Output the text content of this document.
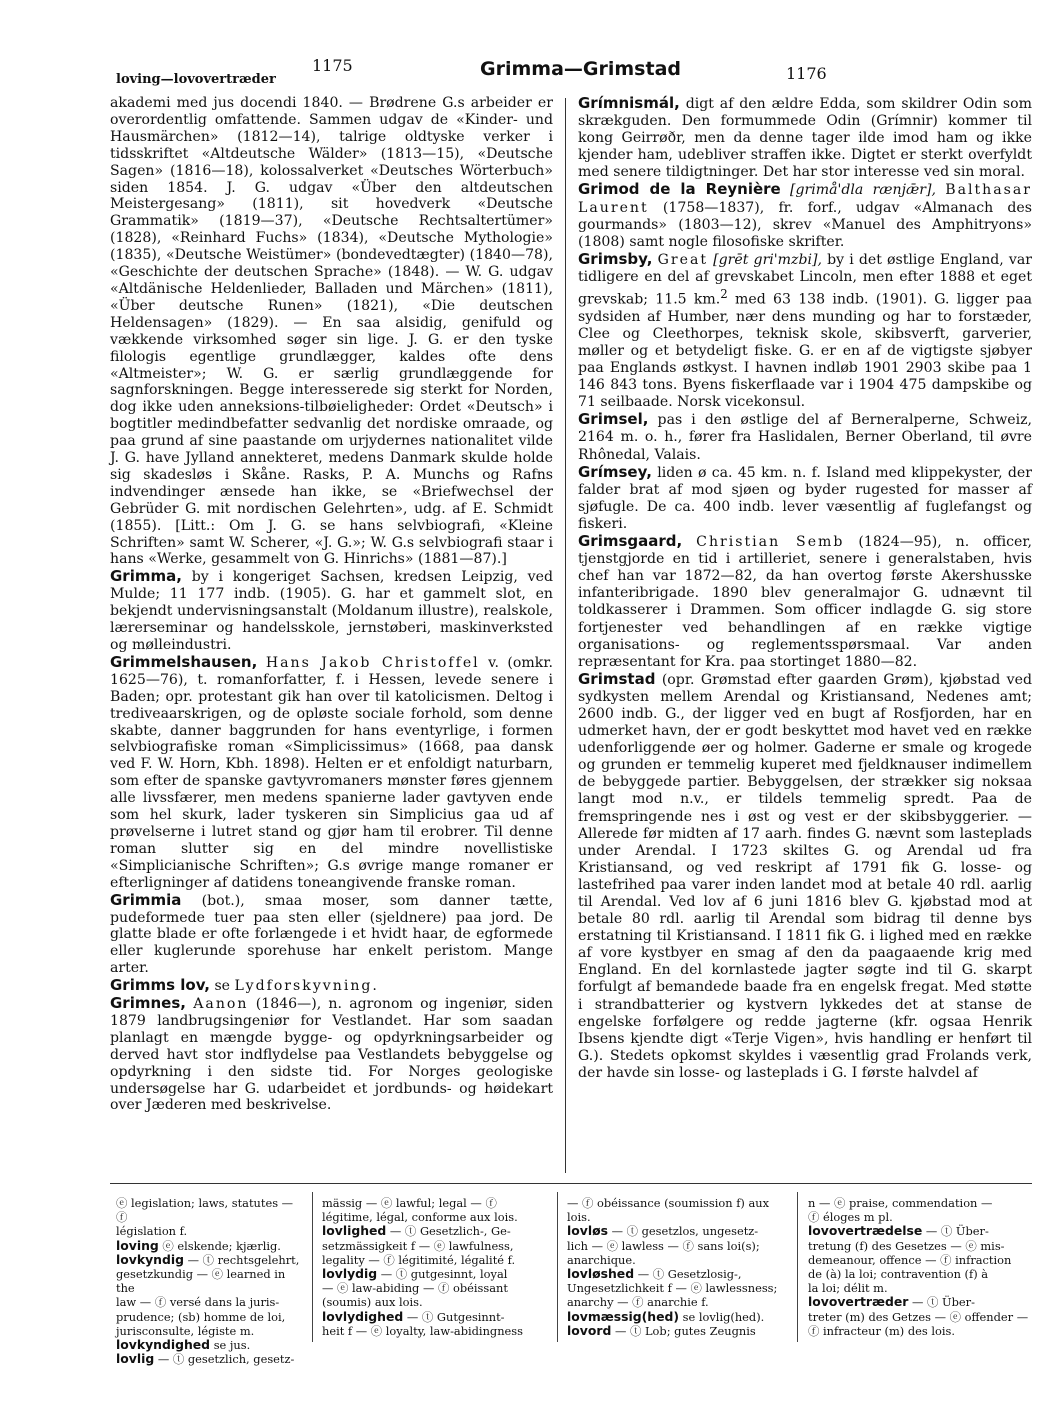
loving—lovovertræder
1175	Grimma—Grimstad	1176

akademi med jus docendi 1840. — Brødrene G.s arbeider er overordentlig omfattende. Sammen udgav de «Kinder- und Hausmärchen» (1812—14), talrige oldtyske verker i tidsskriftet «Altdeutsche Wälder» (1813—15), «Deutsche Sagen» (1816—18), kolossalverket «Deutsches Wörterbuch» siden 1854. J. G. udgav «Über den altdeutschen Meistergesang» (1811), sit hovedverk «Deutsche Grammatik» (1819—37), «Deutsche Rechtsaltertümer» (1828), «Reinhard Fuchs» (1834), «Deutsche Mythologie» (1835), «Deutsche Weistümer» (bondevedtægter) (1840—78), «Geschichte der deutschen Sprache» (1848). — W. G. udgav «Altdänische Heldenlieder, Balladen und Märchen» (1811), «Über deutsche Runen» (1821), «Die deutschen Heldensagen» (1829). — En saa alsidig, genifuld og vækkende virksomhed søger sin lige. J. G. er den tyske filologis egentlige grundlægger, kaldes ofte dens «Altmeister»; W. G. er særlig grundlæggende for sagnforskningen. Begge interesserede sig sterkt for Norden, dog ikke uden anneksions-tilbøieligheder: Ordet «Deutsch» i bogtitler medindbefatter sedvanlig det nordiske omraade, og paa grund af sine paastande om urjydernes nationalitet vilde J. G. have Jylland annekteret, medens Danmark skulde holde sig skadesløs i Skåne. Rasks, P. A. Munchs og Rafns indvendinger ænsede han ikke, se «Briefwechsel der Gebrüder G. mit nordischen Gelehrten», udg. af E. Schmidt (1855). [Litt.: Om J. G. se hans selvbiografi, «Kleine Schriften» samt W. Scherer, «J. G.»; W. G.s selvbiografi staar i hans «Werke, gesammelt von G. Hinrichs» (1881—87).]

Grimma, by i kongeriget Sachsen, kredsen Leipzig, ved Mulde; 11 177 indb. (1905). G. har et gammelt slot, en bekjendt undervisningsanstalt (Moldanum illustre), realskole, lærerseminar og handelsskole, jernstøberi, maskinverksted og mølleindustri.

Grimmelshausen, Hans Jakob Christoffel v. (omkr. 1625—76), t. romanforfatter, f. i Hessen, levede senere i Baden; opr. protestant gik han over til katolicismen. Deltog i trediveaarskrigen, og de opløste sociale forhold, som denne skabte, danner baggrunden for hans eventyrlige, i formen selvbiografiske roman «Simplicissimus» (1668, paa dansk ved F. W. Horn, Kbh. 1898). Helten er et enfoldigt naturbarn, som efter de spanske gavtyvromaners mønster føres gjennem alle livssfærer, men medens spanierne lader gavtyven ende som hel skurk, lader tyskeren sin Simplicius gaa ud af prøvelserne i lutret stand og gjør ham til erobrer. Til denne roman slutter sig en del mindre novellistiske «Simplicianische Schriften»; G.s øvrige mange romaner er efterligninger af datidens toneangivende franske roman.

Grimmia (bot.), smaa moser, som danner tætte, pudeformede tuer paa sten eller (sjeldnere) paa jord. De glatte blade er ofte forlængede i et hvidt haar, de egformede eller kuglerunde sporehuse har enkelt peristom. Mange arter.

Grimms lov, se Lydforskyvning.

Grimnes, Aanon (1846—), n. agronom og ingeniør, siden 1879 landbrugsingeniør for Vestlandet. Har som saadan planlagt en mængde bygge- og opdyrkningsarbeider og derved havt stor indflydelse paa Vestlandets bebyggelse og opdyrkning i den sidste tid. For Norges geologiske undersøgelse har G. udarbeidet et jordbunds- og høidekart over Jæderen med beskrivelse.

Grímnismál, digt af den ældre Edda, som skildrer Odin som skrækguden. Den formummede Odin (Grímnir) kommer til kong Geirrøðr, men da denne tager ilde imod ham og ikke kjender ham, udebliver straffen ikke. Digtet er sterkt overfyldt med senere tildigtninger. Det har stor interesse ved sin moral.

Grimod de la Reynière [grimå'dla rænjǣr], Balthasar Laurent (1758—1837), fr. forf., udgav «Almanach des gourmands» (1803—12), skrev «Manuel des Amphitryons» (1808) samt nogle filosofiske skrifter.

Grimsby, Great [grēt gri'mzbi], by i det østlige England, var tidligere en del af grevskabet Lincoln, men efter 1888 et eget grevskab; 11.5 km.$^2$ med 63 138 indb. (1901). G. ligger paa sydsiden af Humber, nær dens munding og har to forstæder, Clee og Cleethorpes, teknisk skole, skibsverft, garverier, møller og et betydeligt fiske. G. er en af de vigtigste sjøbyer paa Englands østkyst. I havnen indløb 1901 2903 skibe paa 1 146 843 tons. Byens fiskerflaade var i 1904 475 dampskibe og 71 seilbaade. Norsk vicekonsul.

Grimsel, pas i den østlige del af Berneralperne, Schweiz, 2164 m. o. h., fører fra Haslidalen, Berner Oberland, til øvre Rhônedal, Valais.

Grímsey, liden ø ca. 45 km. n. f. Island med klippekyster, der falder brat af mod sjøen og byder rugested for masser af sjøfugle. De ca. 400 indb. lever væsentlig af fuglefangst og fiskeri.

Grimsgaard, Christian Semb (1824—95), n. officer, tjenstgjorde en tid i artilleriet, senere i generalstaben, hvis chef han var 1872—82, da han overtog første Akershusske infanteribrigade. 1890 blev generalmajor G. udnævnt til toldkasserer i Drammen. Som officer indlagde G. sig store fortjenester ved behandlingen af en række vigtige organisations- og reglementsspørsmaal. Var anden repræsentant for Kra. paa stortinget 1880—82.

Grimstad (opr. Grømstad efter gaarden Grøm), kjøbstad ved sydkysten mellem Arendal og Kristiansand, Nedenes amt; 2600 indb. G., der ligger ved en bugt af Rosfjorden, har en udmerket havn, der er godt beskyttet mod havet ved en række udenforliggende øer og holmer. Gaderne er smale og krogede og grunden er temmelig kuperet med fjeldknauser indimellem de bebyggede partier. Bebyggelsen, der strækker sig noksaa langt mod n.v., er tildels temmelig spredt. Paa de fremspringende nes i øst og vest er der skibsbyggerier. — Allerede før midten af 17 aarh. findes G. nævnt som lasteplads under Arendal. I 1723 skiltes G. og Arendal ud fra Kristiansand, og ved reskript af 1791 fik G. losse- og lastefrihed paa varer inden landet mod at betale 40 rdl. aarlig til Arendal. Ved lov af 6 juni 1816 blev G. kjøbstad mod at betale 80 rdl. aarlig til Arendal som bidrag til denne bys erstatning til Kristiansand. I 1811 fik G. i lighed med en række af vore kystbyer en smag af den da paagaaende krig med England. En del kornlastede jagter søgte ind til G. skarpt forfulgt af bemandede baade fra en engelsk fregat. Med støtte i strandbatterier og kystvern lykkedes det at stanse de engelske forfølgere og redde jagterne (kfr. ogsaa Henrik Ibsens kjendte digt «Terje Vigen», hvis handling er henført til G.). Stedets opkomst skyldes i væsentlig grad Frolands verk, der havde sin losse- og lasteplads i G. I første halvdel af

ⓔ legislation; laws, statutes — ⓕ
législation f.
loving ⓔ elskende; kjærlig.
lovkyndig — ⓣ rechtsgelehrt,
gesetzkundig — ⓔ learned in the
law — ⓕ versé dans la juris-
prudence; (sb) homme de loi,
jurisconsulte, légiste m.
lovkyndighed se jus.
lovlig — ⓣ gesetzlich, gesetz-
mässig — ⓔ lawful; legal — ⓕ
légitime, légal, conforme aux lois.
lovlighed — ⓣ Gesetzlich-, Ge-
setzmässigkeit f — ⓔ lawfulness,
legality — ⓕ légitimité, légalité f.
lovlydig — ⓣ gutgesinnt, loyal
— ⓔ law-abiding — ⓕ obéissant
(soumis) aux lois.
lovlydighed — ⓣ Gutgesinnt-
heit f — ⓔ loyalty, law-abidingness
— ⓕ obéissance (soumission f) aux
lois.
lovløs — ⓣ gesetzlos, ungesetz-
lich — ⓔ lawless — ⓕ sans loi(s);
anarchique.
lovløshed — ⓣ Gesetzlosig-,
Ungesetzlichkeit f — ⓔ lawlessness;
anarchy — ⓕ anarchie f.
lovmæssig(hed) se lovlig(hed).
lovord — ⓣ Lob; gutes Zeugnis
n — ⓔ praise, commendation —
ⓕ éloges m pl.
lovovertrædelse — ⓣ Über-
tretung (f) des Gesetzes — ⓔ mis-
demeanour, offence — ⓕ infraction
de (à) la loi; contravention (f) à
la loi; délit m.
lovovertræder — ⓣ Über-
treter (m) des Getzes — ⓔ offender —
ⓕ infracteur (m) des lois.
